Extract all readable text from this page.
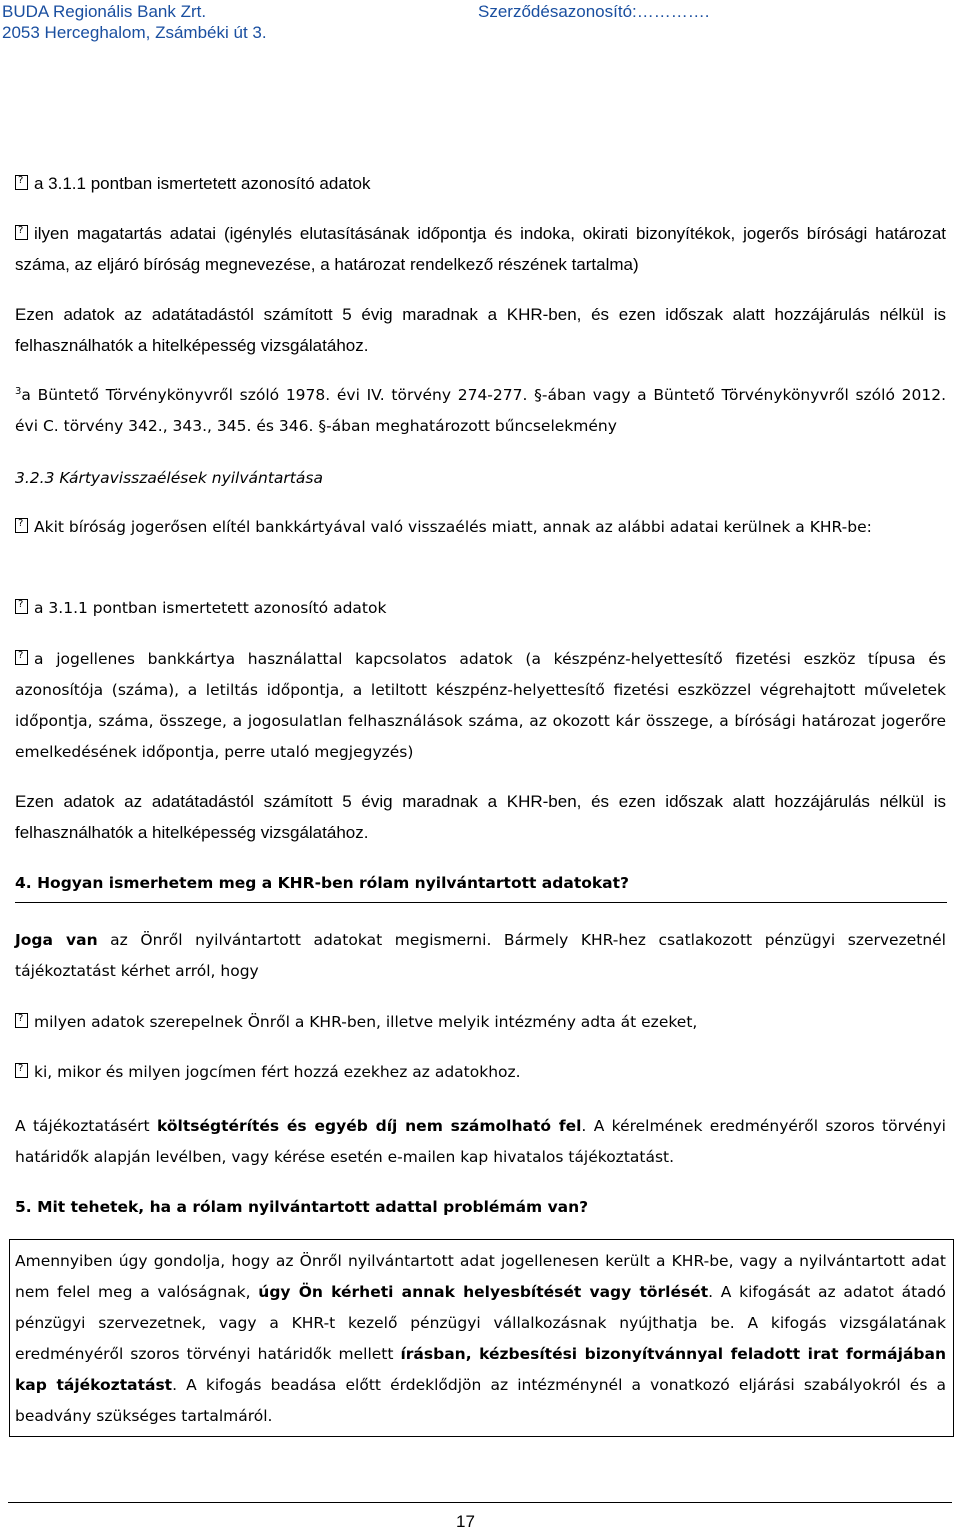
BUDA Regionális Bank Zrt.
2053 Herceghalom, Zsámbéki út 3.
Szerződésazonosító:………….
?a 3.1.1 pontban ismertetett azonosító adatok
?ilyen magatartás adatai (igénylés elutasításának időpontja és indoka, okirati bizonyítékok, jogerős bírósági határozat száma, az eljáró bíróság megnevezése, a határozat rendelkező részének tartalma)
Ezen adatok az adatátadástól számított 5 évig maradnak a KHR-ben, és ezen időszak alatt hozzájárulás nélkül is felhasználhatók a hitelképesség vizsgálatához.
$^3$a Büntető Törvénykönyvről szóló 1978. évi IV. törvény 274-277. §-ában vagy a Büntető Törvénykönyvről szóló 2012. évi C. törvény 342., 343., 345. és 346. §-ában meghatározott bűncselekmény
3.2.3 Kártyavisszaélések nyilvántartása
?Akit bíróság jogerősen elítél bankkártyával való visszaélés miatt, annak az alábbi adatai kerülnek a KHR-be:
?a 3.1.1 pontban ismertetett azonosító adatok
?a jogellenes bankkártya használattal kapcsolatos adatok (a készpénz-helyettesítő fizetési eszköz típusa és azonosítója (száma), a letiltás időpontja, a letiltott készpénz-helyettesítő fizetési eszközzel végrehajtott műveletek időpontja, száma, összege, a jogosulatlan felhasználások száma, az okozott kár összege, a bírósági határozat jogerőre emelkedésének időpontja, perre utaló megjegyzés)
Ezen adatok az adatátadástól számított 5 évig maradnak a KHR-ben, és ezen időszak alatt hozzájárulás nélkül is felhasználhatók a hitelképesség vizsgálatához.
4. Hogyan ismerhetem meg a KHR-ben rólam nyilvántartott adatokat?
Joga van az Önről nyilvántartott adatokat megismerni. Bármely KHR-hez csatlakozott pénzügyi szervezetnél tájékoztatást kérhet arról, hogy
?milyen adatok szerepelnek Önről a KHR-ben, illetve melyik intézmény adta át ezeket,
?ki, mikor és milyen jogcímen fért hozzá ezekhez az adatokhoz.
A tájékoztatásért költségtérítés és egyéb díj nem számolható fel. A kérelmének eredményéről szoros törvényi határidők alapján levélben, vagy kérése esetén e-mailen kap hivatalos tájékoztatást.
5. Mit tehetek, ha a rólam nyilvántartott adattal problémám van?
Amennyiben úgy gondolja, hogy az Önről nyilvántartott adat jogellenesen került a KHR-be, vagy a nyilvántartott adat nem felel meg a valóságnak, úgy Ön kérheti annak helyesbítését vagy törlését. A kifogását az adatot átadó pénzügyi szervezetnek, vagy a KHR-t kezelő pénzügyi vállalkozásnak nyújthatja be. A kifogás vizsgálatának eredményéről szoros törvényi határidők mellett írásban, kézbesítési bizonyítvánnyal feladott irat formájában kap tájékoztatást. A kifogás beadása előtt érdeklődjön az intézménynél a vonatkozó eljárási szabályokról és a beadvány szükséges tartalmáról.
17
